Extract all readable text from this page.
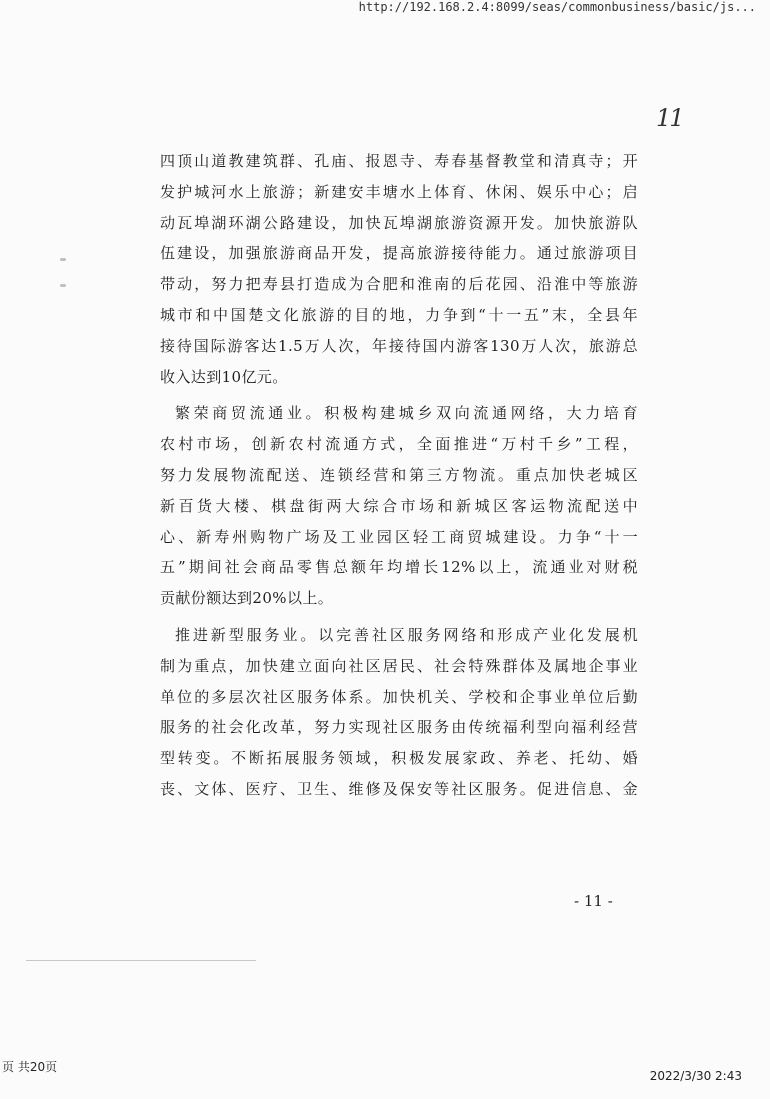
http://192.168.2.4:8099/seas/commonbusiness/basic/js...
11
四顶山道教建筑群、孔庙、报恩寺、寿春基督教堂和清真寺；开
发护城河水上旅游；新建安丰塘水上体育、休闲、娱乐中心；启
动瓦埠湖环湖公路建设，加快瓦埠湖旅游资源开发。加快旅游队
伍建设，加强旅游商品开发，提高旅游接待能力。通过旅游项目
带动，努力把寿县打造成为合肥和淮南的后花园、沿淮中等旅游
城市和中国楚文化旅游的目的地，力争到“十一五”末，全县年
接待国际游客达1.5万人次，年接待国内游客130万人次，旅游总
收入达到10亿元。
繁荣商贸流通业。积极构建城乡双向流通网络，大力培育
农村市场，创新农村流通方式，全面推进“万村千乡”工程，
努力发展物流配送、连锁经营和第三方物流。重点加快老城区
新百货大楼、棋盘街两大综合市场和新城区客运物流配送中
心、新寿州购物广场及工业园区轻工商贸城建设。力争“十一
五”期间社会商品零售总额年均增长12%以上，流通业对财税
贡献份额达到20%以上。
推进新型服务业。以完善社区服务网络和形成产业化发展机
制为重点，加快建立面向社区居民、社会特殊群体及属地企事业
单位的多层次社区服务体系。加快机关、学校和企事业单位后勤
服务的社会化改革，努力实现社区服务由传统福利型向福利经营
型转变。不断拓展服务领域，积极发展家政、养老、托幼、婚
丧、文体、医疗、卫生、维修及保安等社区服务。促进信息、金
- 11 -
页 共20页
2022/3/30 2:43
